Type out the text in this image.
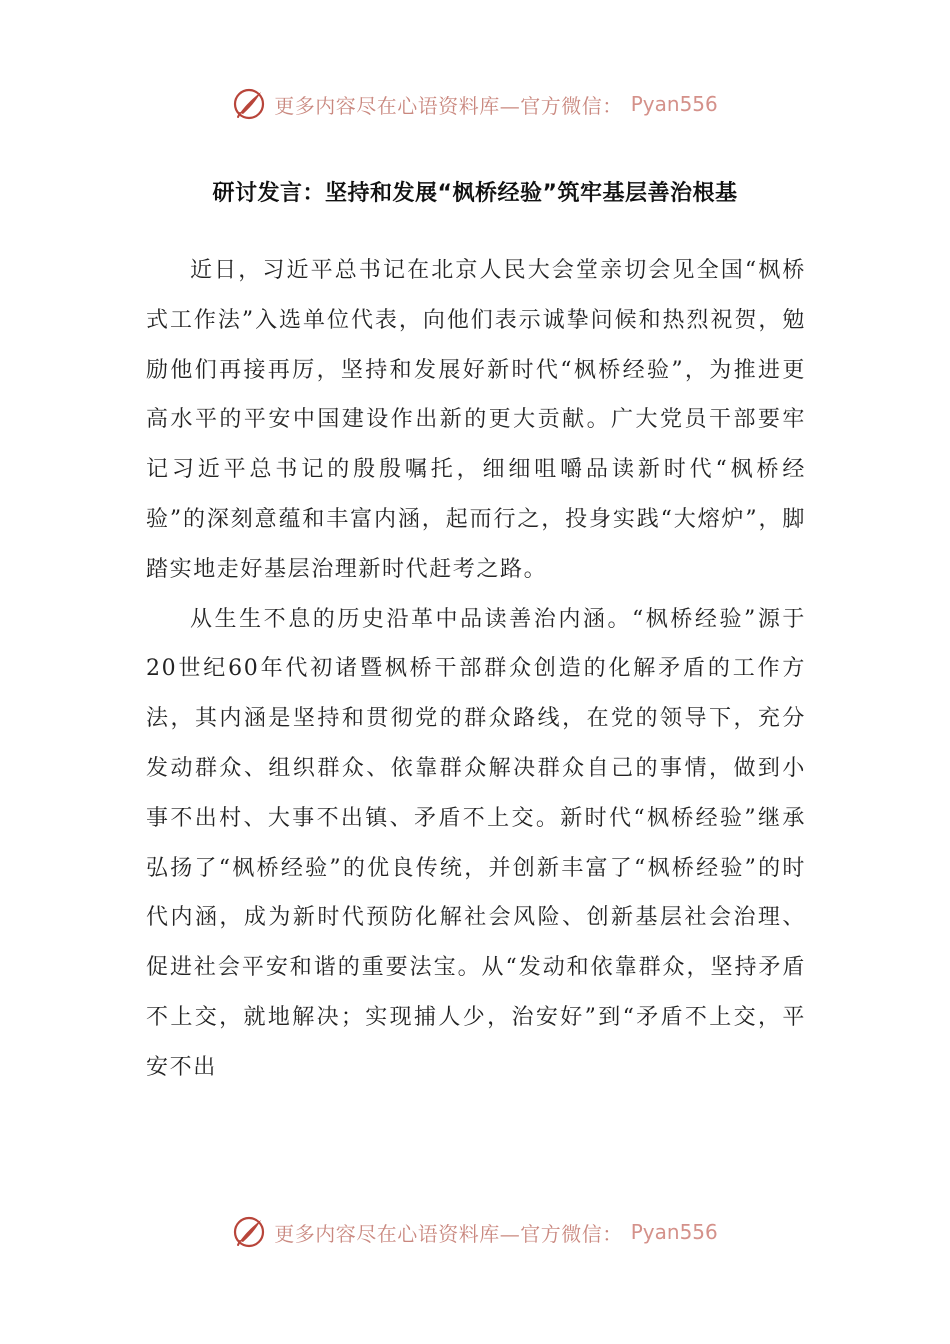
更多内容尽在心语资料库—官方微信： Pyan556
研讨发言：坚持和发展“枫桥经验”筑牢基层善治根基

近日，习近平总书记在北京人民大会堂亲切会见全国“枫桥式工作法”入选单位代表，向他们表示诚挚问候和热烈祝贺，勉励他们再接再厉，坚持和发展好新时代“枫桥经验”，为推进更高水平的平安中国建设作出新的更大贡献。广大党员干部要牢记习近平总书记的殷殷嘱托，细细咀嚼品读新时代“枫桥经验”的深刻意蕴和丰富内涵，起而行之，投身实践“大熔炉”，脚踏实地走好基层治理新时代赶考之路。

从生生不息的历史沿革中品读善治内涵。“枫桥经验”源于20世纪60年代初诸暨枫桥干部群众创造的化解矛盾的工作方法，其内涵是坚持和贯彻党的群众路线，在党的领导下，充分发动群众、组织群众、依靠群众解决群众自己的事情，做到小事不出村、大事不出镇、矛盾不上交。新时代“枫桥经验”继承弘扬了“枫桥经验”的优良传统，并创新丰富了“枫桥经验”的时代内涵，成为新时代预防化解社会风险、创新基层社会治理、促进社会平安和谐的重要法宝。从“发动和依靠群众，坚持矛盾不上交，就地解决；实现捕人少，治安好”到“矛盾不上交，平安不出

更多内容尽在心语资料库—官方微信： Pyan556
